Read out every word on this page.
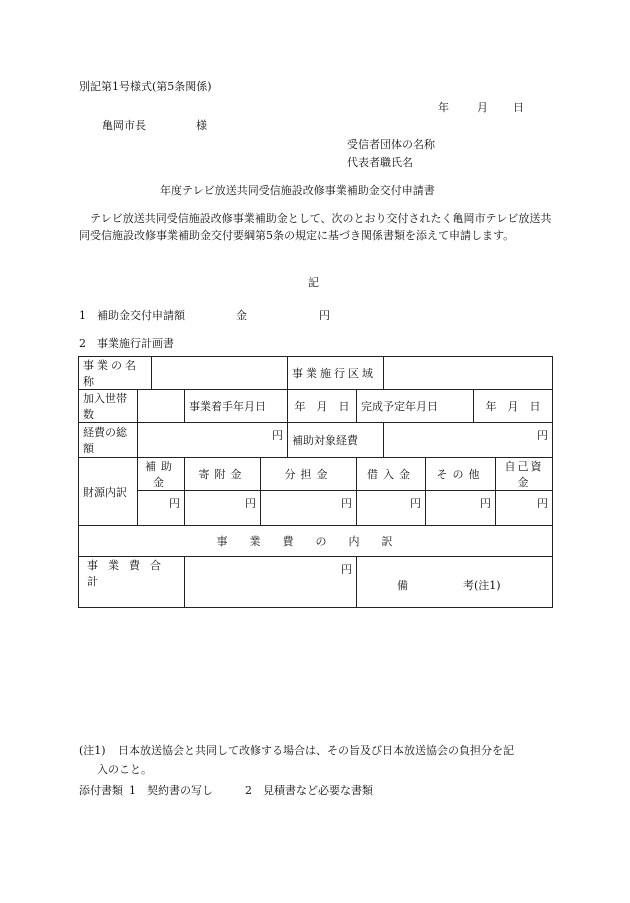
別記第1号様式(第5条関係)
年	月 日
亀岡市長	様
受信者団体の名称
代表者職氏名
年度テレビ放送共同受信施設改修事業補助金交付申請書
テレビ放送共同受信施設改修事業補助金として、次のとおり交付されたく亀岡市テレビ放送共同受信施設改修事業補助金交付要綱第5条の規定に基づき関係書類を添えて申請します。
記
1 補助金交付申請額	金	円
2 事業施行計画書
事業の名称					事業施行区域					
加入世帯数			事業着手年月日		年　月　日	完成予定年月日			年　月　日	
経費の総額	円				補助対象経費		円			
財源内訳	補助金		寄附金	分担金		借入金		その他		自己資金
	円		円	円		円		円		円
事業費の内訳										

事業費合計			円			備　　　　　考(注1)				
(注1) 日本放送協会と共同して改修する場合は、その旨及び日本放送協会の負担分を記
入のこと。
添付書類 1　契約書の写し	2　見積書など必要な書類
